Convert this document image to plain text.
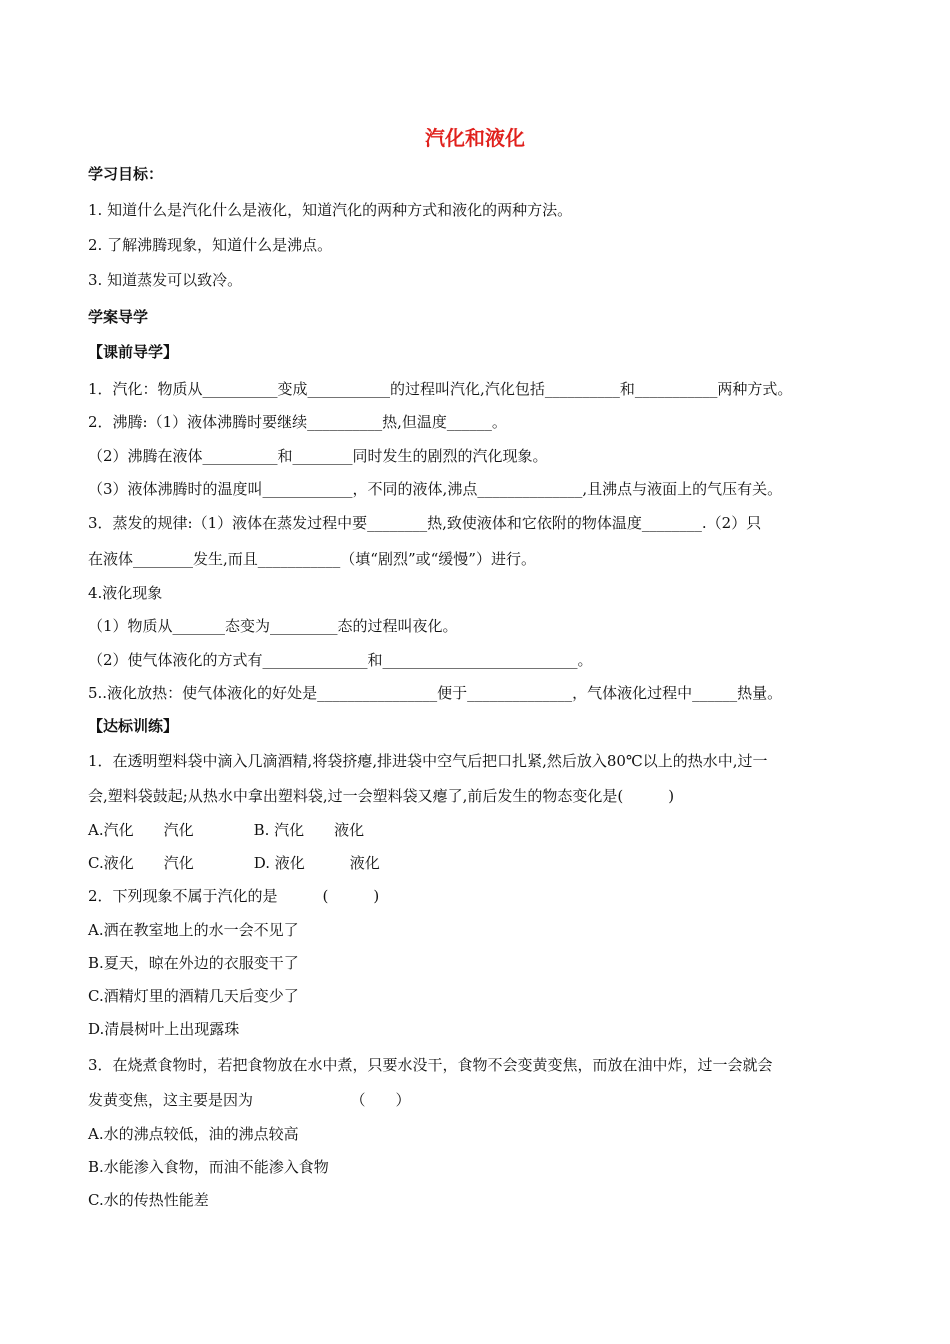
汽化和液化
学习目标：
1. 知道什么是汽化什么是液化，知道汽化的两种方式和液化的两种方法。
2. 了解沸腾现象，知道什么是沸点。
3. 知道蒸发可以致冷。
学案导学
【课前导学】
1．汽化：物质从__________变成___________的过程叫汽化,汽化包括__________和___________两种方式。
2．沸腾:（1）液体沸腾时要继续__________热,但温度______。
（2）沸腾在液体__________和________同时发生的剧烈的汽化现象。
（3）液体沸腾时的温度叫____________，不同的液体,沸点______________,且沸点与液面上的气压有关。
3．蒸发的规律:（1）液体在蒸发过程中要________热,致使液体和它依附的物体温度________.（2）只
在液体________发生,而且___________（填“剧烈”或“缓慢”）进行。
4.液化现象
（1）物质从_______态变为_________态的过程叫夜化。
（2）使气体液化的方式有______________和__________________________。
5..液化放热：使气体液化的好处是________________便于______________，气体液化过程中______热量。
【达标训练】
1．在透明塑料袋中滴入几滴酒精,将袋挤瘪,排进袋中空气后把口扎紧,然后放入80℃以上的热水中,过一
会,塑料袋鼓起;从热水中拿出塑料袋,过一会塑料袋又瘪了,前后发生的物态变化是(　　　)
A.汽化　　汽化　　　　B. 汽化　　液化
C.液化　　汽化　　　　D. 液化　　　液化
2．下列现象不属于汽化的是　　　(　　　)
A.洒在教室地上的水一会不见了
B.夏天，晾在外边的衣服变干了
C.酒精灯里的酒精几天后变少了
D.清晨树叶上出现露珠
3．在烧煮食物时，若把食物放在水中煮，只要水没干，食物不会变黄变焦，而放在油中炸，过一会就会
发黄变焦，这主要是因为　　　　　　　（　　）
A.水的沸点较低，油的沸点较高
B.水能渗入食物，而油不能渗入食物
C.水的传热性能差
